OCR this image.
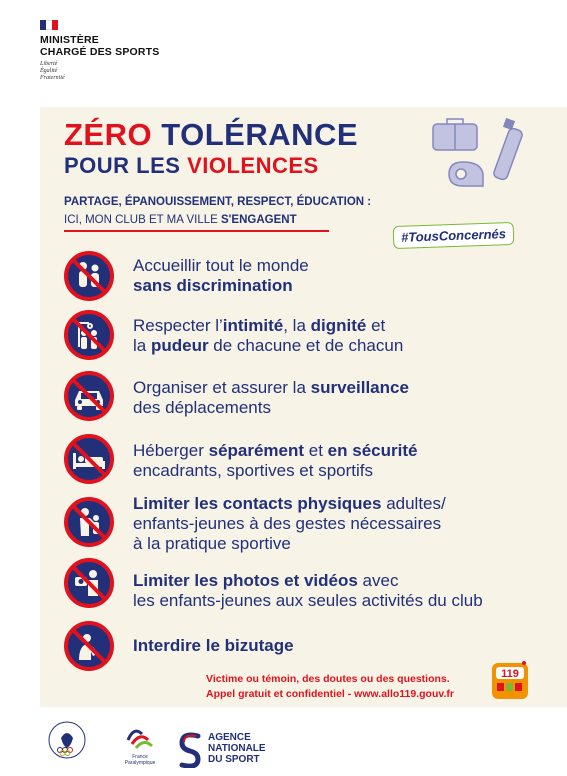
MINISTÈRE
CHARGÉ DES SPORTS
Liberté
Égalité
Fraternité
ZÉRO TOLÉRANCE
POUR LES VIOLENCES
PARTAGE, ÉPANOUISSEMENT, RESPECT, ÉDUCATION :
ICI, MON CLUB ET MA VILLE S'ENGAGENT
#TousConcernés
Accueillir tout le monde
sans discrimination
Respecter l’intimité, la dignité et
la pudeur de chacune et de chacun
Organiser et assurer la surveillance
des déplacements
Héberger séparément et en sécurité
encadrants, sportives et sportifs
Limiter les contacts physiques adultes/
enfants-jeunes à des gestes nécessaires
à la pratique sportive
Limiter les photos et vidéos avec
les enfants-jeunes aux seules activités du club
Interdire le bizutage
Victime ou témoin, des doutes ou des questions.
Appel gratuit et confidentiel - www.allo119.gouv.fr
119
France
Paralympique
AGENCE
NATIONALE
DU SPORT
